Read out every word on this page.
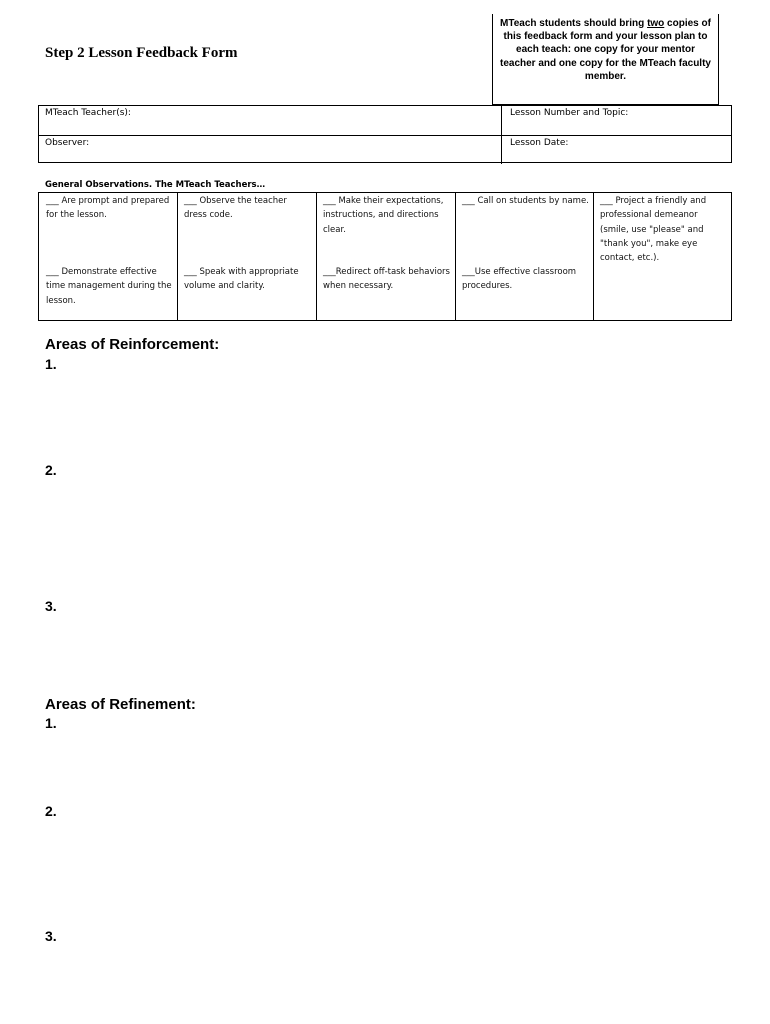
Step 2 Lesson Feedback Form
MTeach students should bring two copies of this feedback form and your lesson plan to each teach: one copy for your mentor teacher and one copy for the MTeach faculty member.
MTeach Teacher(s):	Lesson Number and Topic:
Observer:	Lesson Date:
General Observations. The MTeach Teachers…
___ Are prompt and prepared for the lesson.
___ Observe the teacher dress code.
___ Make their expectations, instructions, and directions clear.
___ Call on students by name. ___ Project a friendly and professional demeanor (smile, use "please" and "thank you", make eye contact, etc.).
___ Demonstrate effective time management during the lesson.
___ Speak with appropriate volume and clarity.
___Redirect off-task behaviors when necessary.
___Use effective classroom procedures.
Areas of Reinforcement:
1.
2.
3.
Areas of Refinement:
1.
2.
3.
